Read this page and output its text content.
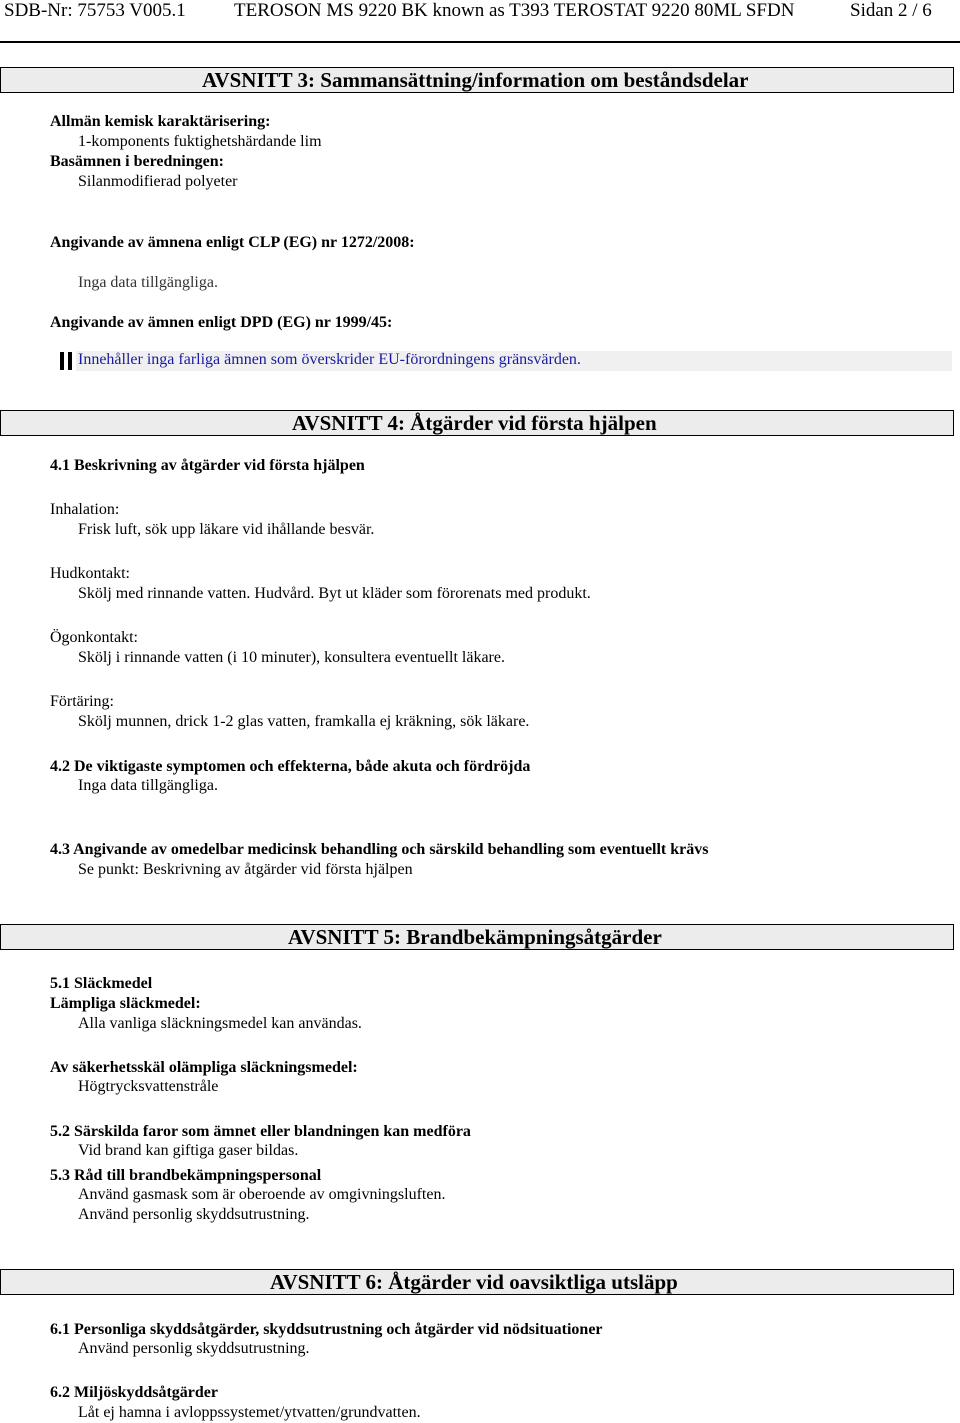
SDB-Nr: 75753 V005.1	TEROSON MS 9220 BK known as T393 TEROSTAT 9220 80ML SFDN	Sidan 2 / 6
AVSNITT 3: Sammansättning/information om beståndsdelar
Allmän kemisk karaktärisering:
1-komponents fuktighetshärdande lim
Basämnen i beredningen:
Silanmodifierad polyeter
Angivande av ämnena enligt CLP (EG) nr 1272/2008:
Inga data tillgängliga.
Angivande av ämnen enligt DPD (EG) nr 1999/45:
Innehåller inga farliga ämnen som överskrider EU-förordningens gränsvärden.
AVSNITT 4: Åtgärder vid första hjälpen
4.1 Beskrivning av åtgärder vid första hjälpen
Inhalation:
Frisk luft, sök upp läkare vid ihållande besvär.
Hudkontakt:
Skölj med rinnande vatten. Hudvård. Byt ut kläder som förorenats med produkt.
Ögonkontakt:
Skölj i rinnande vatten (i 10 minuter), konsultera eventuellt läkare.
Förtäring:
Skölj munnen, drick 1-2 glas vatten, framkalla ej kräkning, sök läkare.
4.2 De viktigaste symptomen och effekterna, både akuta och fördröjda
Inga data tillgängliga.
4.3 Angivande av omedelbar medicinsk behandling och särskild behandling som eventuellt krävs
Se punkt: Beskrivning av åtgärder vid första hjälpen
AVSNITT 5: Brandbekämpningsåtgärder
5.1 Släckmedel
Lämpliga släckmedel:
Alla vanliga släckningsmedel kan användas.
Av säkerhetsskäl olämpliga släckningsmedel:
Högtrycksvattenstråle
5.2 Särskilda faror som ämnet eller blandningen kan medföra
Vid brand kan giftiga gaser bildas.
5.3 Råd till brandbekämpningspersonal
Använd gasmask som är oberoende av omgivningsluften.
Använd personlig skyddsutrustning.
AVSNITT 6: Åtgärder vid oavsiktliga utsläpp
6.1 Personliga skyddsåtgärder, skyddsutrustning och åtgärder vid nödsituationer
Använd personlig skyddsutrustning.
6.2 Miljöskyddsåtgärder
Låt ej hamna i avloppssystemet/ytvatten/grundvatten.
